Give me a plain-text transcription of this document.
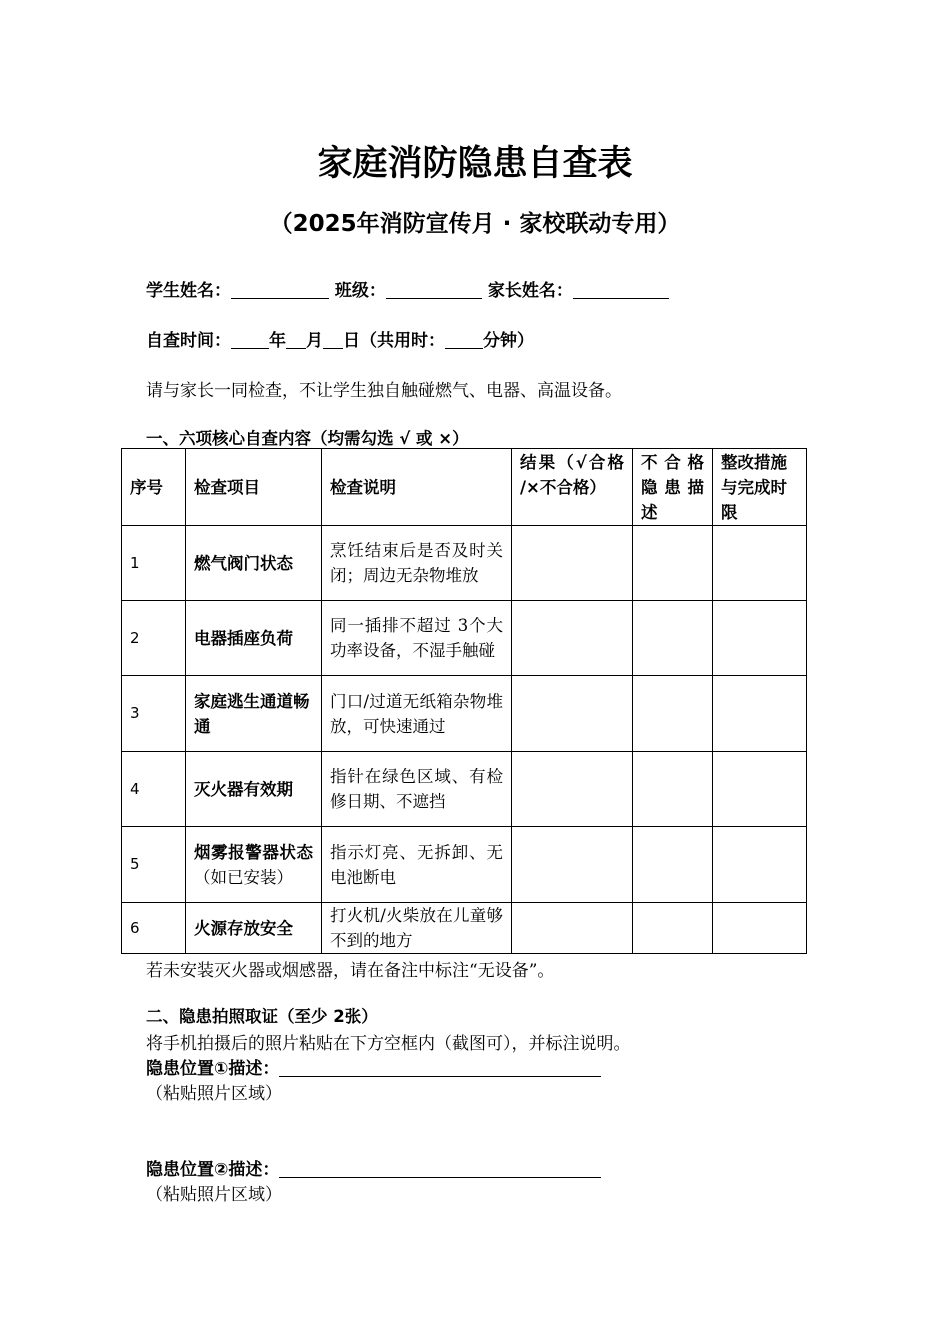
家庭消防隐患自查表
（2025年消防宣传月 · 家校联动专用）
学生姓名：	班级：	家长姓名：
自查时间： 年 月 日（共用时： 分钟）
请与家长一同检查，不让学生独自触碰燃气、电器、高温设备。
一、六项核心自查内容（均需勾选 √ 或 ×）
序号	检查项目	检查说明	结果（√合格 /×不合格）	不合格隐患描述	整改措施与完成时限
1	燃气阀门状态	烹饪结束后是否及时关闭；周边无杂物堆放			
2	电器插座负荷	同一插排不超过 3个大功率设备，不湿手触碰			
3	家庭逃生通道畅通	门口/过道无纸箱杂物堆放，可快速通过			
4	灭火器有效期	指针在绿色区域、有检修日期、不遮挡			
5	烟雾报警器状态（如已安装）	指示灯亮、无拆卸、无电池断电			
6	火源存放安全	打火机/火柴放在儿童够不到的地方			
若未安装灭火器或烟感器，请在备注中标注“无设备”。
二、隐患拍照取证（至少 2张）
将手机拍摄后的照片粘贴在下方空框内（截图可），并标注说明。
隐患位置①描述：
（粘贴照片区域）
隐患位置②描述：
（粘贴照片区域）
